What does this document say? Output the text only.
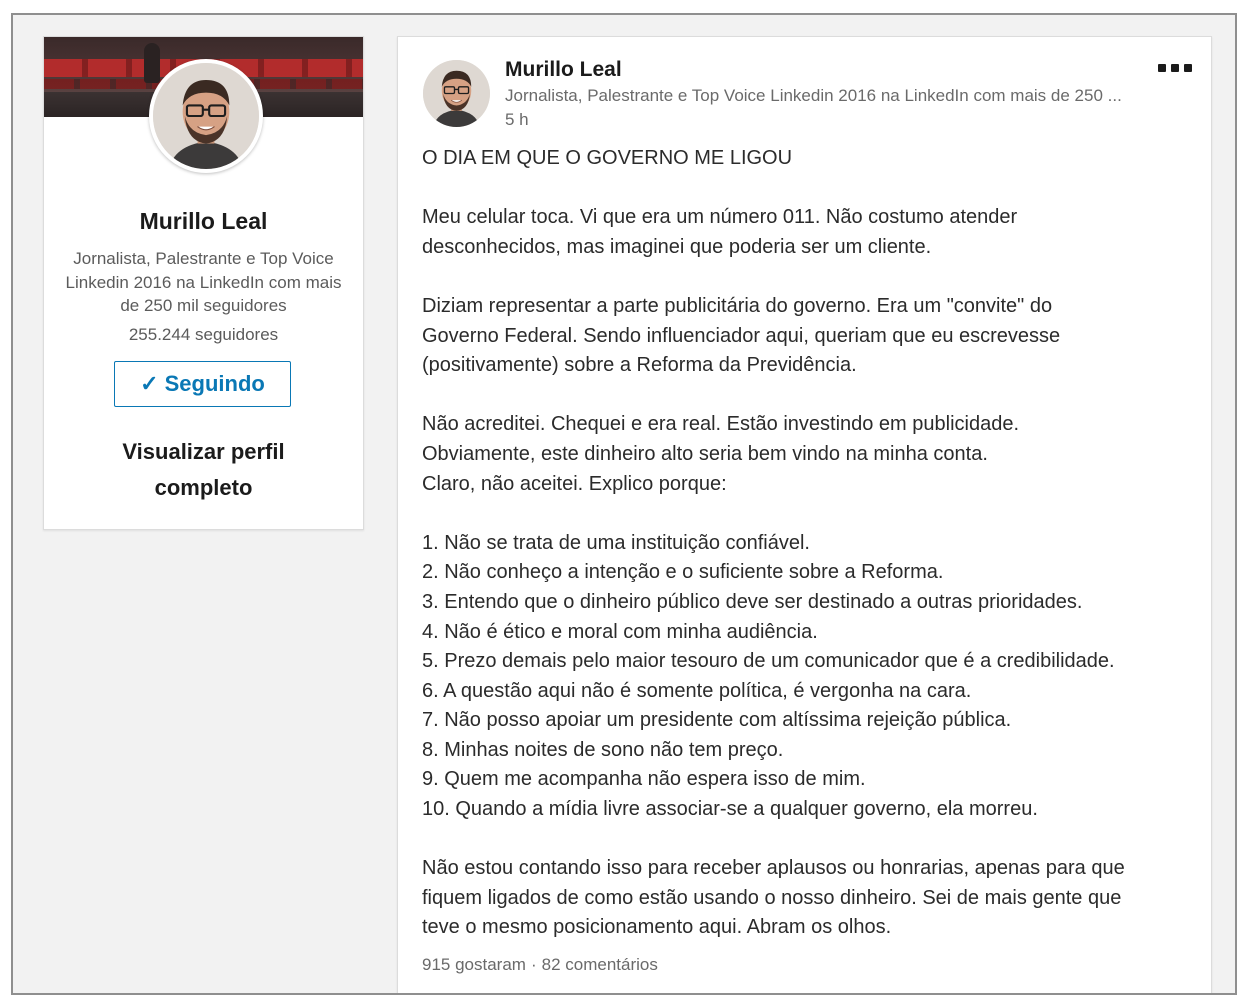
Murillo Leal
Jornalista, Palestrante e Top Voice Linkedin 2016 na LinkedIn com mais de 250 mil seguidores
255.244 seguidores
✓ Seguindo
Visualizar perfil completo
Murillo Leal
Jornalista, Palestrante e Top Voice Linkedin 2016 na LinkedIn com mais de 250 ...
5 h

O DIA EM QUE O GOVERNO ME LIGOU

Meu celular toca. Vi que era um número 011. Não costumo atender

desconhecidos, mas imaginei que poderia ser um cliente.

Diziam representar a parte publicitária do governo. Era um "convite" do

Governo Federal. Sendo influenciador aqui, queriam que eu escrevesse

(positivamente) sobre a Reforma da Previdência.

Não acreditei. Chequei e era real. Estão investindo em publicidade.

Obviamente, este dinheiro alto seria bem vindo na minha conta.

Claro, não aceitei. Explico porque:

1. Não se trata de uma instituição confiável.
2. Não conheço a intenção e o suficiente sobre a Reforma.
3. Entendo que o dinheiro público deve ser destinado a outras prioridades.
4. Não é ético e moral com minha audiência.
5. Prezo demais pelo maior tesouro de um comunicador que é a credibilidade.
6. A questão aqui não é somente política, é vergonha na cara.
7. Não posso apoiar um presidente com altíssima rejeição pública.
8. Minhas noites de sono não tem preço.
9. Quem me acompanha não espera isso de mim.
10. Quando a mídia livre associar-se a qualquer governo, ela morreu.

Não estou contando isso para receber aplausos ou honrarias, apenas para que

fiquem ligados de como estão usando o nosso dinheiro. Sei de mais gente que

teve o mesmo posicionamento aqui. Abram os olhos.

915 gostaram · 82 comentários
